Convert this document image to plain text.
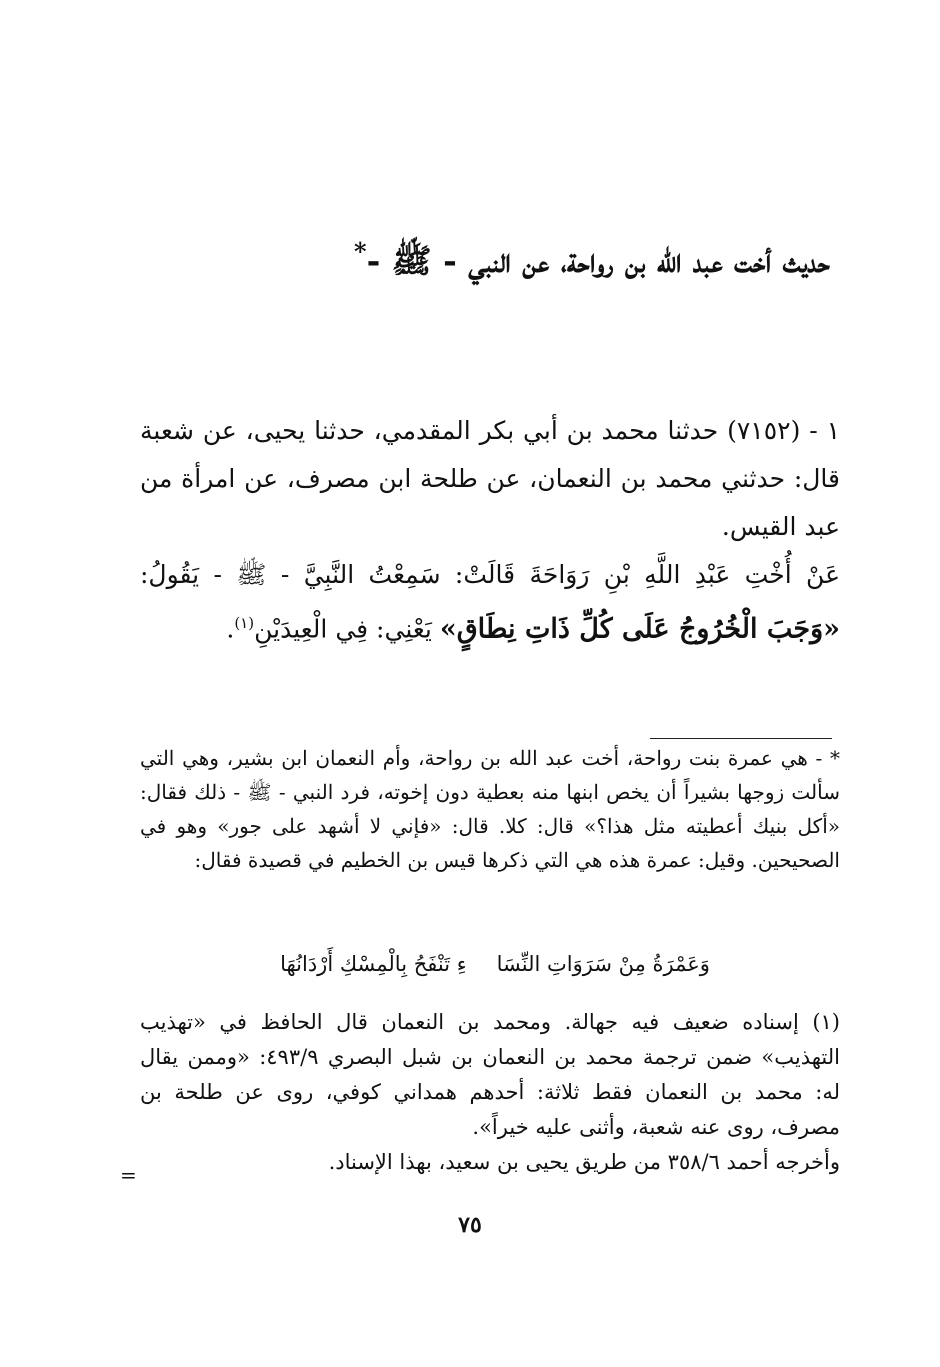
حديث أخت عبد الله بن رواحة، عن النبي - ﷺ -*

١ - (٧١٥٢) حدثنا محمد بن أبي بكر المقدمي، حدثنا يحيى، عن شعبة قال: حدثني محمد بن النعمان، عن طلحة ابن مصرف، عن امرأة من عبد القيس.

عَنْ أُخْتِ عَبْدِ اللَّهِ بْنِ رَوَاحَةَ قَالَتْ: سَمِعْتُ النَّبِيَّ - ﷺ - يَقُولُ: «وَجَبَ الْخُرُوجُ عَلَى كُلِّ ذَاتِ نِطَاقٍ» يَعْنِي: فِي الْعِيدَيْنِ$^{(١)}$.

* - هي عمرة بنت رواحة، أخت عبد الله بن رواحة، وأم النعمان ابن بشير، وهي التي سألت زوجها بشيراً أن يخص ابنها منه بعطية دون إخوته، فرد النبي - ﷺ - ذلك فقال: «أكل بنيك أعطيته مثل هذا؟» قال: كلا. قال: «فإني لا أشهد على جور» وهو في الصحيحين. وقيل: عمرة هذه هي التي ذكرها قيس بن الخطيم في قصيدة فقال:

وَعَمْرَةُ مِنْ سَرَوَاتِ النِّسَاءِ تَنْفَحُ بِالْمِسْكِ أَرْدَانُهَا

(١) إسناده ضعيف فيه جهالة. ومحمد بن النعمان قال الحافظ في «تهذيب التهذيب» ضمن ترجمة محمد بن النعمان بن شبل البصري ٤٩٣/٩: «وممن يقال له: محمد بن النعمان فقط ثلاثة: أحدهم همداني كوفي، روى عن طلحة بن مصرف، روى عنه شعبة، وأثنى عليه خيراً».

وأخرجه أحمد ٣٥٨/٦ من طريق يحيى بن سعيد، بهذا الإسناد.

=
٧٥
